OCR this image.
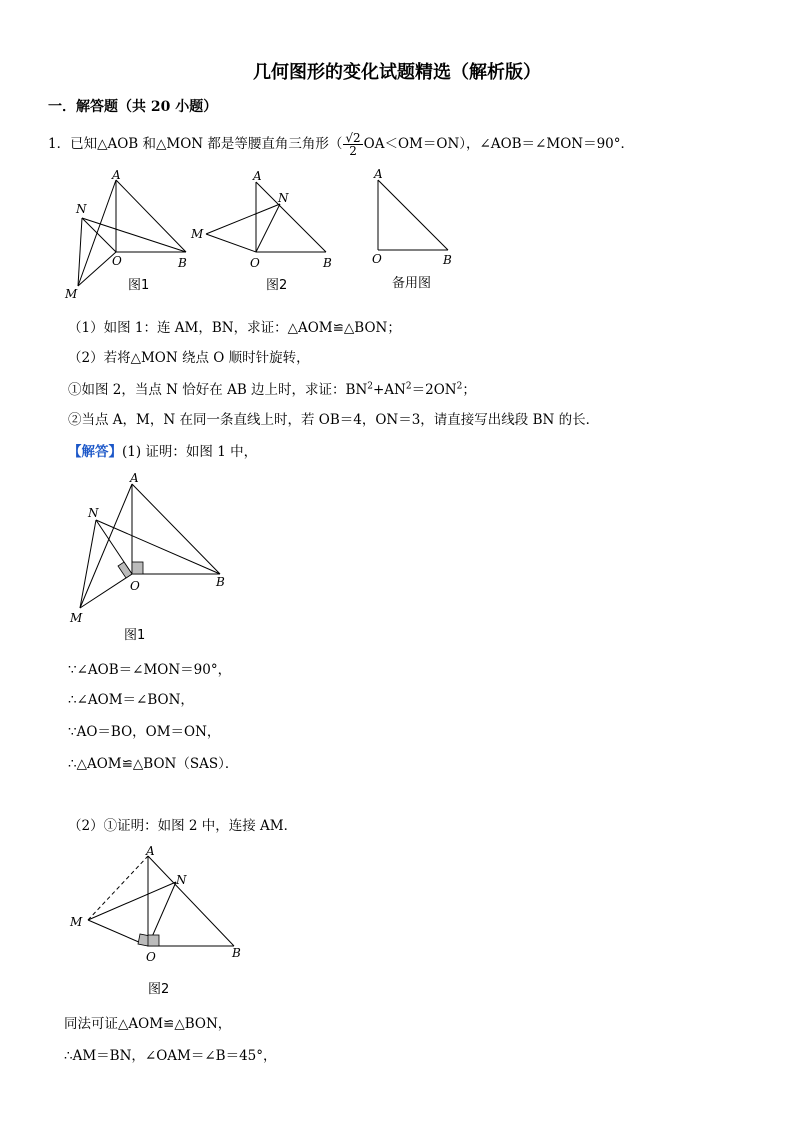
几何图形的变化试题精选（解析版）
一．解答题（共 20 小题）
1．已知△AOB 和△MON 都是等腰直角三角形（ $\frac{√2}{2} OA<OM=ON$），∠AOB＝∠MON＝90°．
A
B
O
M
N
图1
A
B
O
M
N
图2
A
B
O
备用图
（1）如图 1：连 AM，BN，求证：△AOM≌△BON；
（2）若将△MON 绕点 O 顺时针旋转，
①如图 2，当点 N 恰好在 AB 边上时，求证：$BN^2+AN^2=2ON^2$；
②当点 A，M，N 在同一条直线上时，若 OB＝4，ON＝3，请直接写出线段 BN 的长．
【解答】(1) 证明：如图 1 中，
A
B
O
M
N
图1
∵∠AOB＝∠MON＝90°，
∴∠AOM＝∠BON，
∵AO＝BO，OM＝ON，
∴△AOM≌△BON（SAS）．
（2）①证明：如图 2 中，连接 AM．
A
B
O
M
N
图2
同法可证△AOM≌△BON，
∴AM＝BN，∠OAM＝∠B＝45°，
